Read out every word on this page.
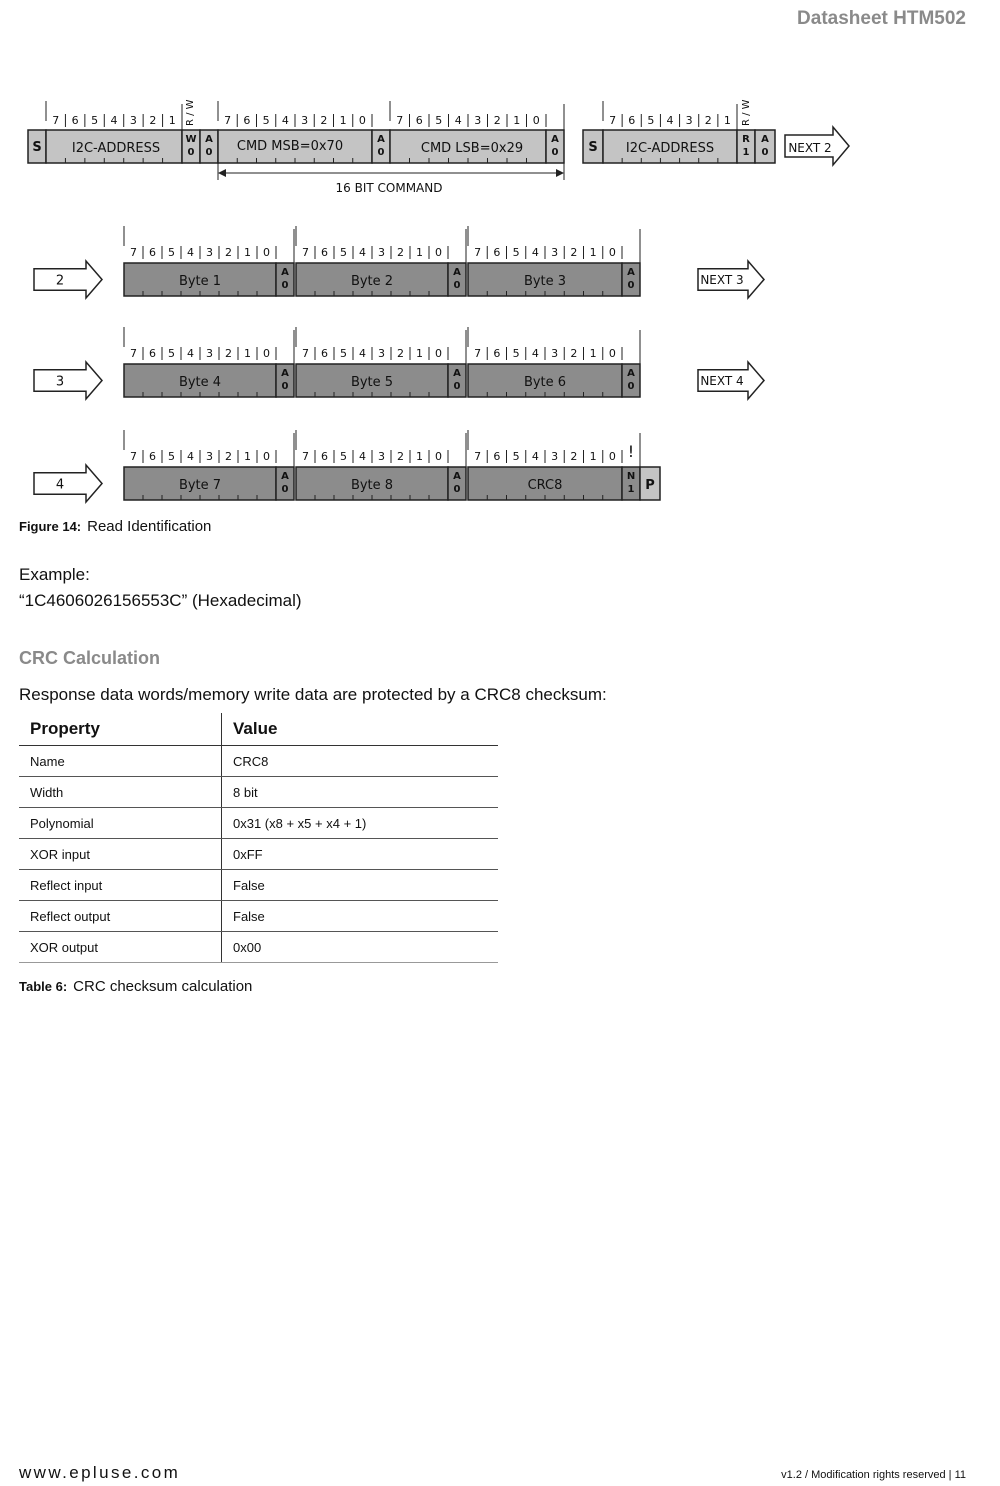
Datasheet HTM502
S I2C-ADDRESS
7 6 5 4 3 2 1 R / W
W
0
A
0 CMD MSB=0x70
7 6 5 4 3 2 1 0
A
0	CMD LSB=0x29
7 6 5 4 3 2 1 0
A
0
16 BIT COMMAND
S I2C-ADDRESS
7 6 5 4 3 2 1 R / W
R
1
A
0 NEXT 2
2	Byte 1
7 6 5 4 3 2 1 0
A
0	Byte 2
7 6 5 4 3 2 1 0
A
0	Byte 3
7 6 5 4 3 2 1 0
A
0	NEXT 3
3	Byte 4
7 6 5 4 3 2 1 0
A
0	Byte 5
7 6 5 4 3 2 1 0
A
0	Byte 6
7 6 5 4 3 2 1 0
A
0	NEXT 4
4	Byte 7
7 6 5 4 3 2 1 0
A
0	Byte 8
7 6 5 4 3 2 1 0
A
0	CRC8
7 6 5 4 3 2 1 0
N
1
!
P
Figure 14: Read Identification
Example:
“1C4606026156553C” (Hexadecimal)
CRC Calculation
Response data words/memory write data are protected by a CRC8 checksum:
Property	Value
Name	CRC8
Width	8 bit
Polynomial	0x31 (x8 + x5 + x4 + 1)
XOR input	0xFF
Reflect input	False
Reflect output	False
XOR output	0x00
Table 6: CRC checksum calculation
www.epluse.com	v1.2 / Modification rights reserved | 11
